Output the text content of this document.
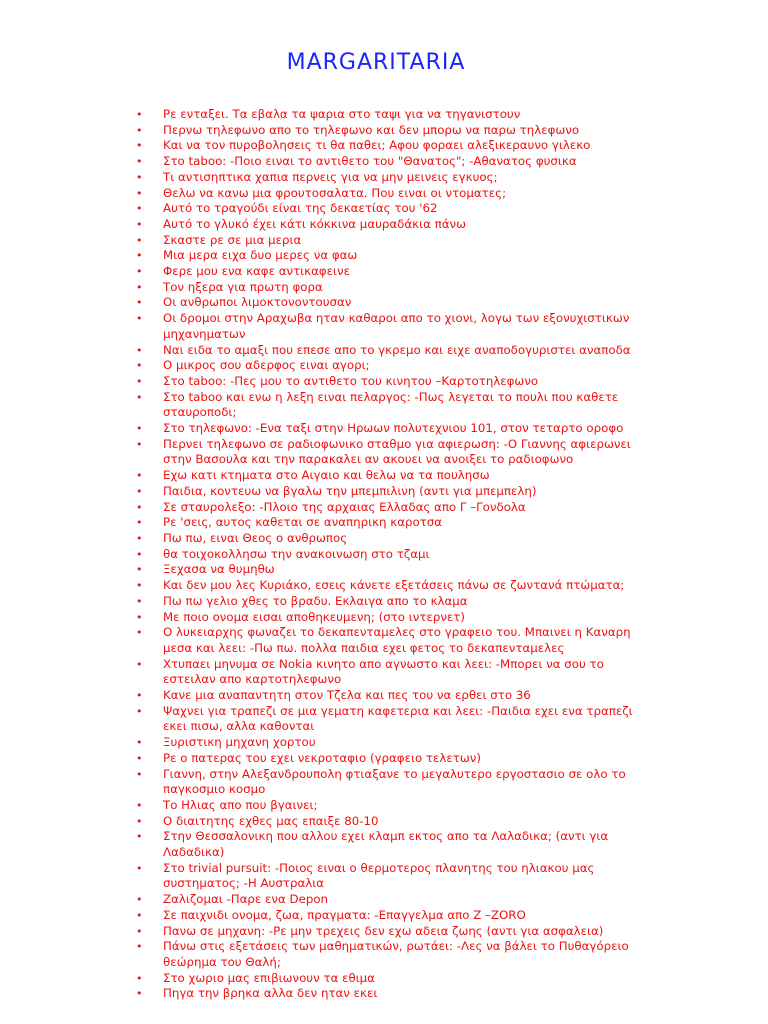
MARGARITARIA
• Ρε ενταξει. Τα εβαλα τα ψαρια στο ταψι για να τηγανιστουν
• Περνω τηλεφωνο απο το τηλεφωνο και δεν μπορω να παρω τηλεφωνο
• Και να τον πυροβολησεις τι θα παθει; Αφου φοραει αλεξικεραυνο γιλεκο
• Στο taboo: -Ποιο ειναι το αντιθετο του "Θανατος"; -Αθανατος φυσικα
• Τι αντισηπτικα χαπια περνεις για να μην μεινεις εγκυος;
• Θελω να κανω μια φρουτοσαλατα. Που ειναι οι ντοματες;
• Αυτό το τραγούδι είναι της δεκαετίας του '62
• Αυτό το γλυκό έχει κάτι κόκκινα μαυραδάκια πάνω
• Σκαστε ρε σε μια μερια
• Μια μερα ειχα δυο μερες να φαω
• Φερε μου ενα καφε αντικαφεινε
• Τον ηξερα για πρωτη φορα
• Οι ανθρωποι λιμοκτονοντουσαν
• Οι δρομοι στην Αραχωβα ηταν καθαροι απο το χιονι, λογω των εξονυχιστικων μηχανηματων
• Ναι ειδα το αμαξι που επεσε απο το γκρεμο και ειχε αναποδογυριστει αναποδα
• Ο μικρος σου αδερφος ειναι αγορι;
• Στο taboo: -Πες μου το αντιθετο του κινητου –Καρτοτηλεφωνο
• Στο taboo και ενω η λεξη ειναι πελαργος: -Πως λεγεται το πουλι που καθετε σταυροποδι;
• Στο τηλεφωνο: -Ενα ταξι στην Ηρωων πολυτεχνιου 101, στον τεταρτο οροφο
• Περνει τηλεφωνο σε ραδιοφωνικο σταθμο για αφιερωση: -Ο Γιαννης αφιερωνει στην Βασουλα και την παρακαλει αν ακουει να ανοιξει το ραδιοφωνο
• Εχω κατι κτηματα στο Αιγαιο και θελω να τα πουλησω
• Παιδια, κοντευω να βγαλω την μπεμπιλινη (αντι για μπεμπελη)
• Σε σταυρολεξο: -Πλοιο της αρχαιας Ελλαδας απο Γ –Γονδολα
• Ρε 'σεις, αυτος καθεται σε αναπηρικη καροτσα
• Πω πω, ειναι Θεος ο ανθρωπος
• θα τοιχοκολλησω την ανακοινωση στο τζαμι
• Ξεχασα να θυμηθω
• Και δεν μου λες Κυριάκο, εσεις κάνετε εξετάσεις πάνω σε ζωντανά πτώματα;
• Πω πω γελιο χθες το βραδυ. Εκλαιγα απο το κλαμα
• Με ποιο ονομα εισαι αποθηκευμενη; (στο ιντερνετ)
• Ο λυκειαρχης φωναζει το δεκαπενταμελες στο γραφειο του. Μπαινει η Καναρη μεσα και λεει: -Πω πω. πολλα παιδια εχει φετος το δεκαπενταμελες
• Χτυπαει μηνυμα σε Nokia κινητο απο αγνωστο και λεει: -Μπορει να σου το εστειλαν απο καρτοτηλεφωνο
• Κανε μια αναπαντητη στον Τζελα και πες του να ερθει στο 36
• Ψαχνει για τραπεζι σε μια γεματη καφετερια και λεει: -Παιδια εχει ενα τραπεζι εκει πισω, αλλα καθονται
• Ξυριστικη μηχανη χορτου
• Ρε ο πατερας του εχει νεκροταφιο (γραφειο τελετων)
• Γιαννη, στην Αλεξανδρουπολη φτιαξανε το μεγαλυτερο εργοστασιο σε ολο το παγκοσμιο κοσμο
• Το Ηλιας απο που βγαινει;
• Ο διαιτητης εχθες μας επαιξε 80-10
• Στην Θεσσαλονικη που αλλου εχει κλαμπ εκτος απο τα Λαλαδικα; (αντι για Λαδαδικα)
• Στο trivial pursuit: -Ποιος ειναι ο θερμοτερος πλανητης του ηλιακου μας συστηματος; -Η Αυστραλια
• Ζαλιζομαι -Παρε ενα Depon
• Σε παιχνιδι ονομα, ζωα, πραγματα: -Επαγγελμα απο Ζ –ZORO
• Πανω σε μηχανη: -Ρε μην τρεχεις δεν εχω αδεια ζωης (αντι για ασφαλεια)
• Πάνω στις εξετάσεις των μαθηματικών, ρωτάει: -Λες να βάλει το Πυθαγόρειο θεώρημα του Θαλή;
• Στο χωριο μας επιβιωνουν τα εθιμα
• Πηγα την βρηκα αλλα δεν ηταν εκει
